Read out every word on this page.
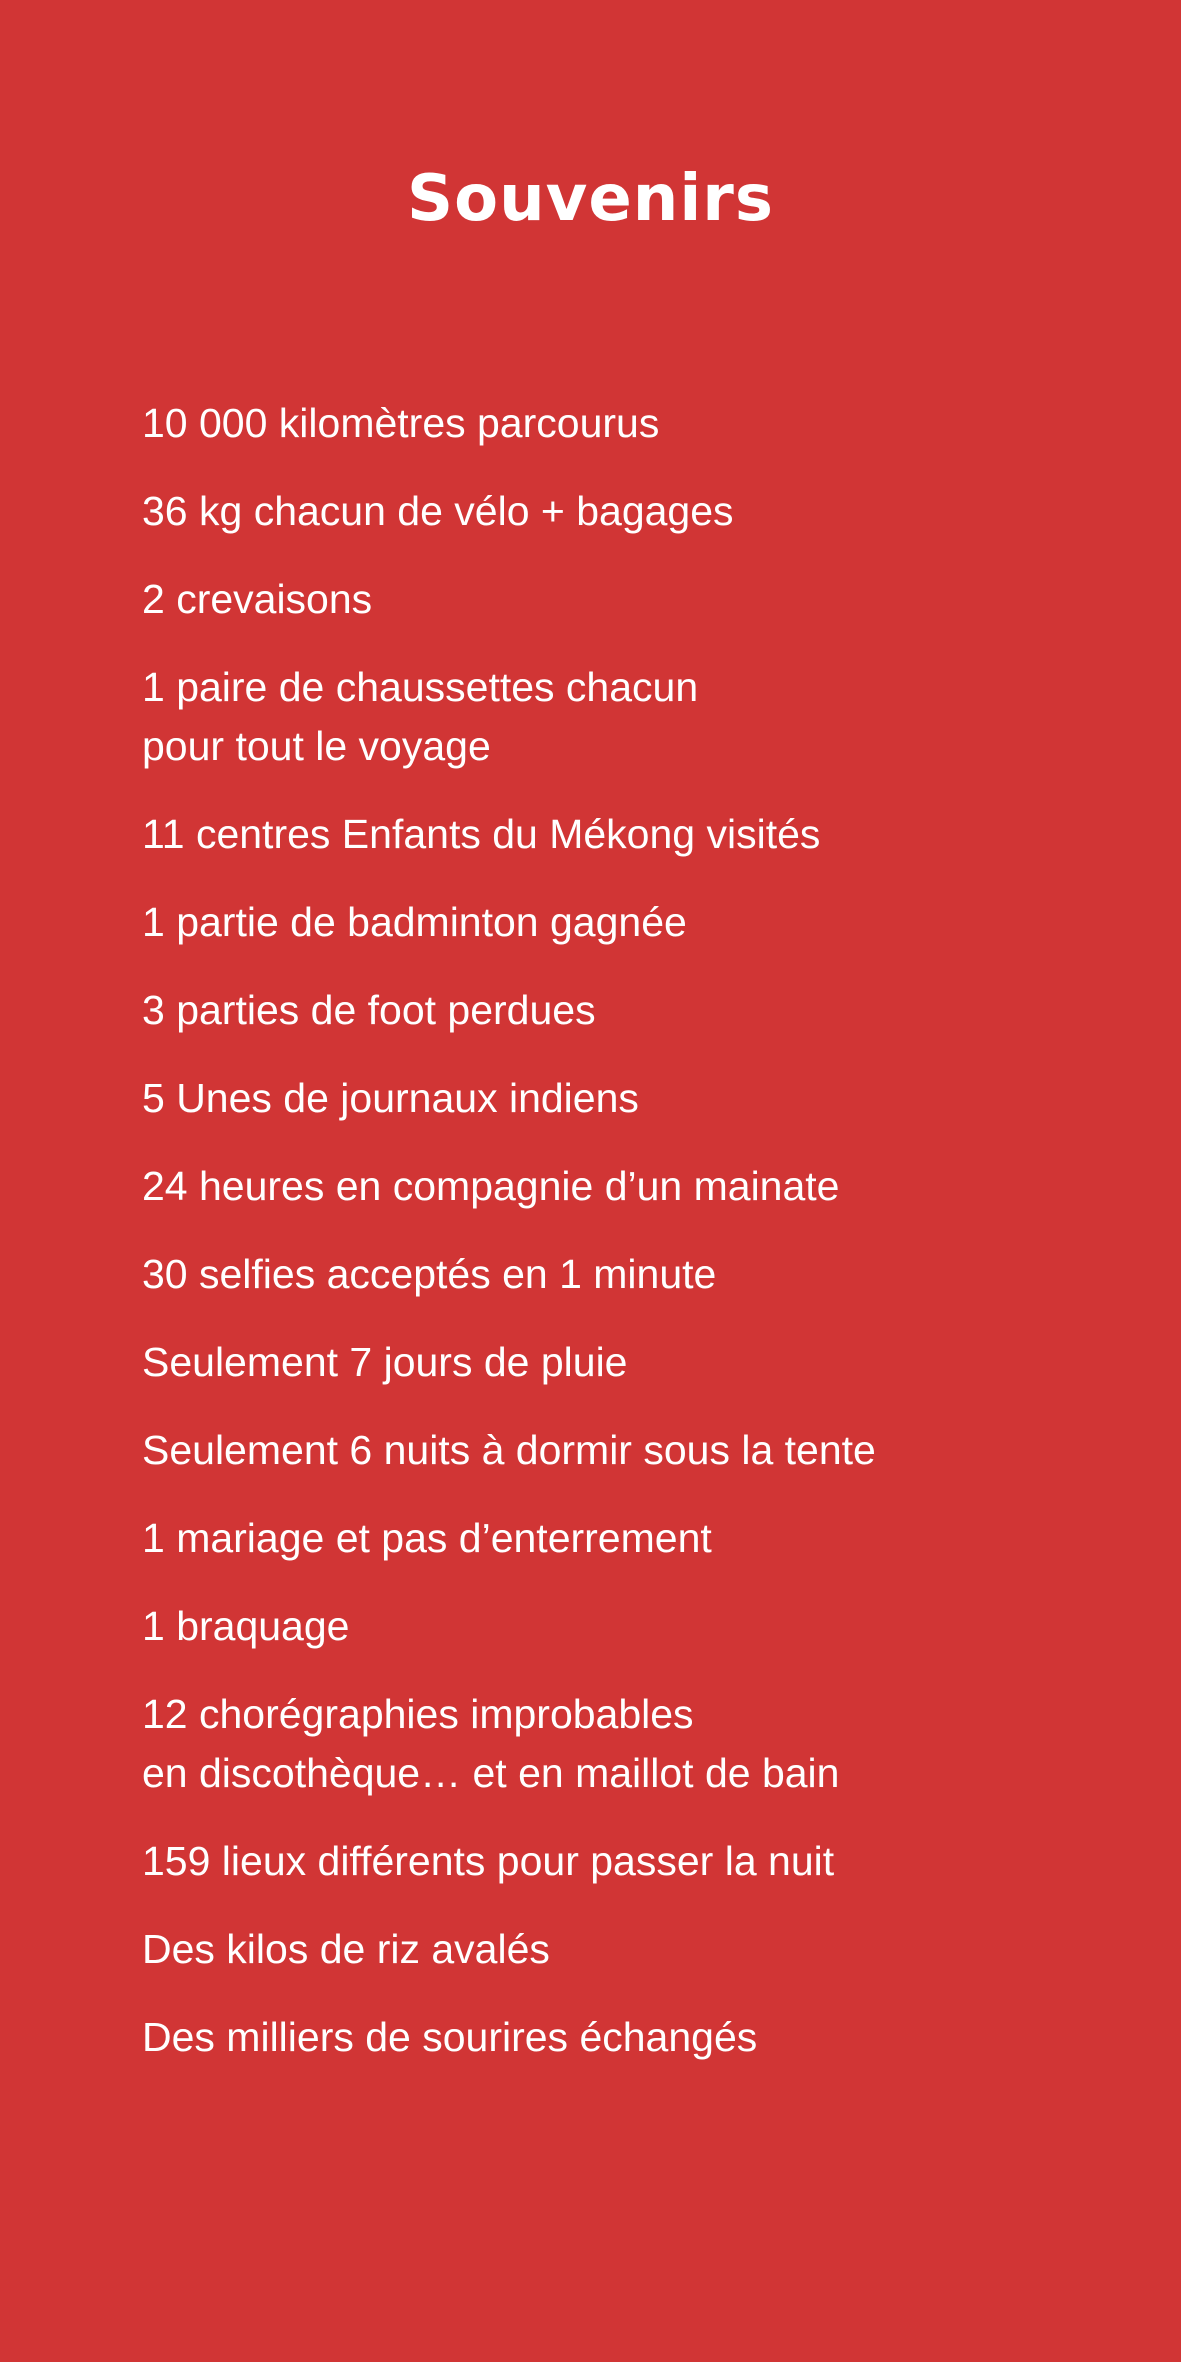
Souvenirs
10 000 kilomètres parcourus
36 kg chacun de vélo + bagages
2 crevaisons
1 paire de chaussettes chacun
pour tout le voyage
11 centres Enfants du Mékong visités
1 partie de badminton gagnée
3 parties de foot perdues
5 Unes de journaux indiens
24 heures en compagnie d’un mainate
30 selfies acceptés en 1 minute
Seulement 7 jours de pluie
Seulement 6 nuits à dormir sous la tente
1 mariage et pas d’enterrement
1 braquage
12 chorégraphies improbables
en discothèque… et en maillot de bain
159 lieux différents pour passer la nuit
Des kilos de riz avalés
Des milliers de sourires échangés
